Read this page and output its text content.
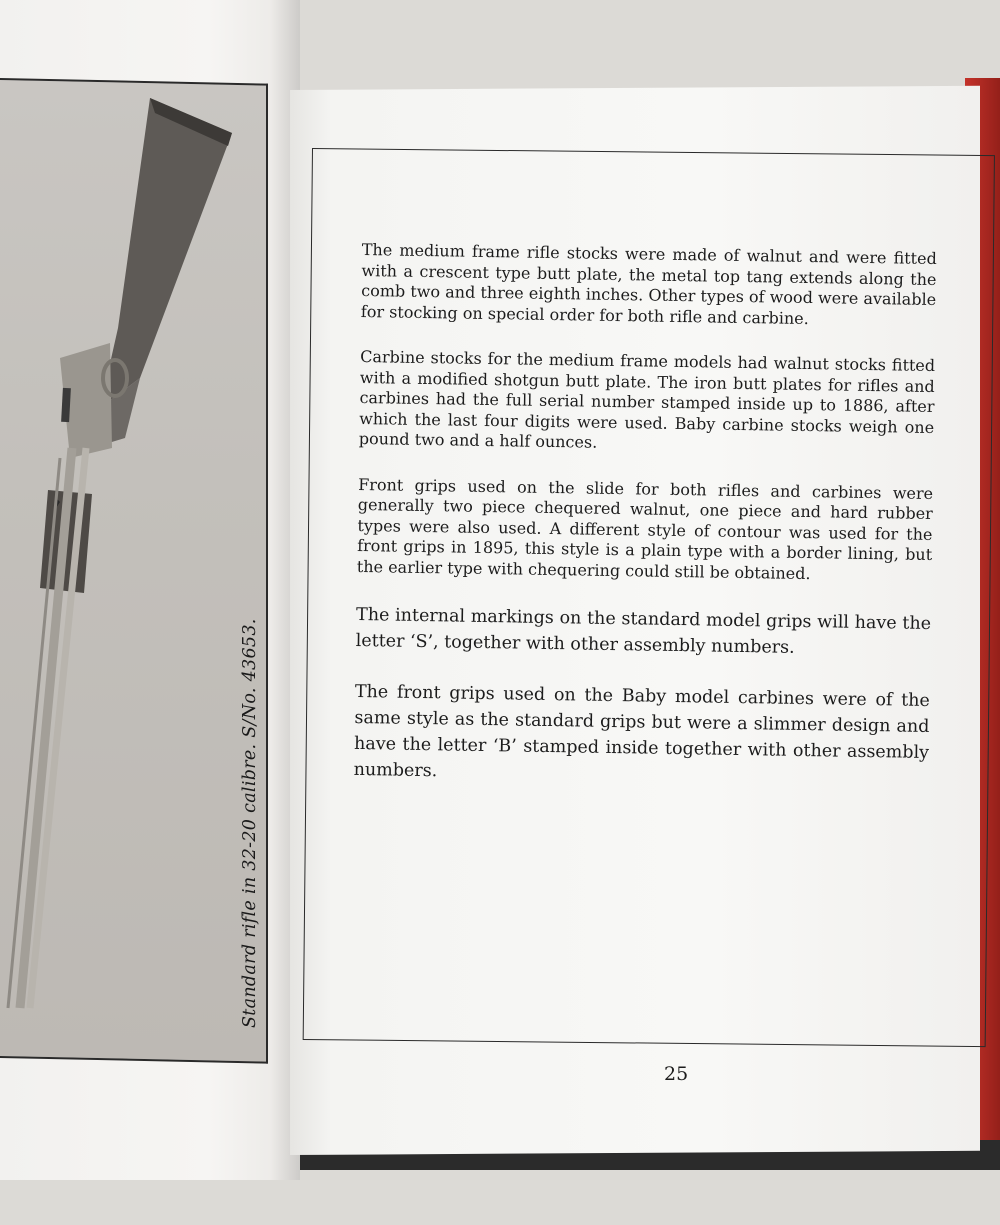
Standard rifle in 32-20 calibre. S/No. 43653.

The medium frame rifle stocks were made of walnut and were fitted with a crescent type butt plate, the metal top tang extends along the comb two and three eighth inches. Other types of wood were available for stocking on special order for both rifle and carbine.

Carbine stocks for the medium frame models had walnut stocks fitted with a modified shotgun butt plate. The iron butt plates for rifles and carbines had the full serial number stamped inside up to 1886, after which the last four digits were used. Baby carbine stocks weigh one pound two and a half ounces.

Front grips used on the slide for both rifles and carbines were generally two piece chequered walnut, one piece and hard rubber types were also used. A different style of contour was used for the front grips in 1895, this style is a plain type with a border lining, but the earlier type with chequering could still be obtained.

The internal markings on the standard model grips will have the letter ‘S’, together with other assembly numbers.

The front grips used on the Baby model carbines were of the same style as the standard grips but were a slimmer design and have the letter ‘B’ stamped inside together with other assembly numbers.

25
